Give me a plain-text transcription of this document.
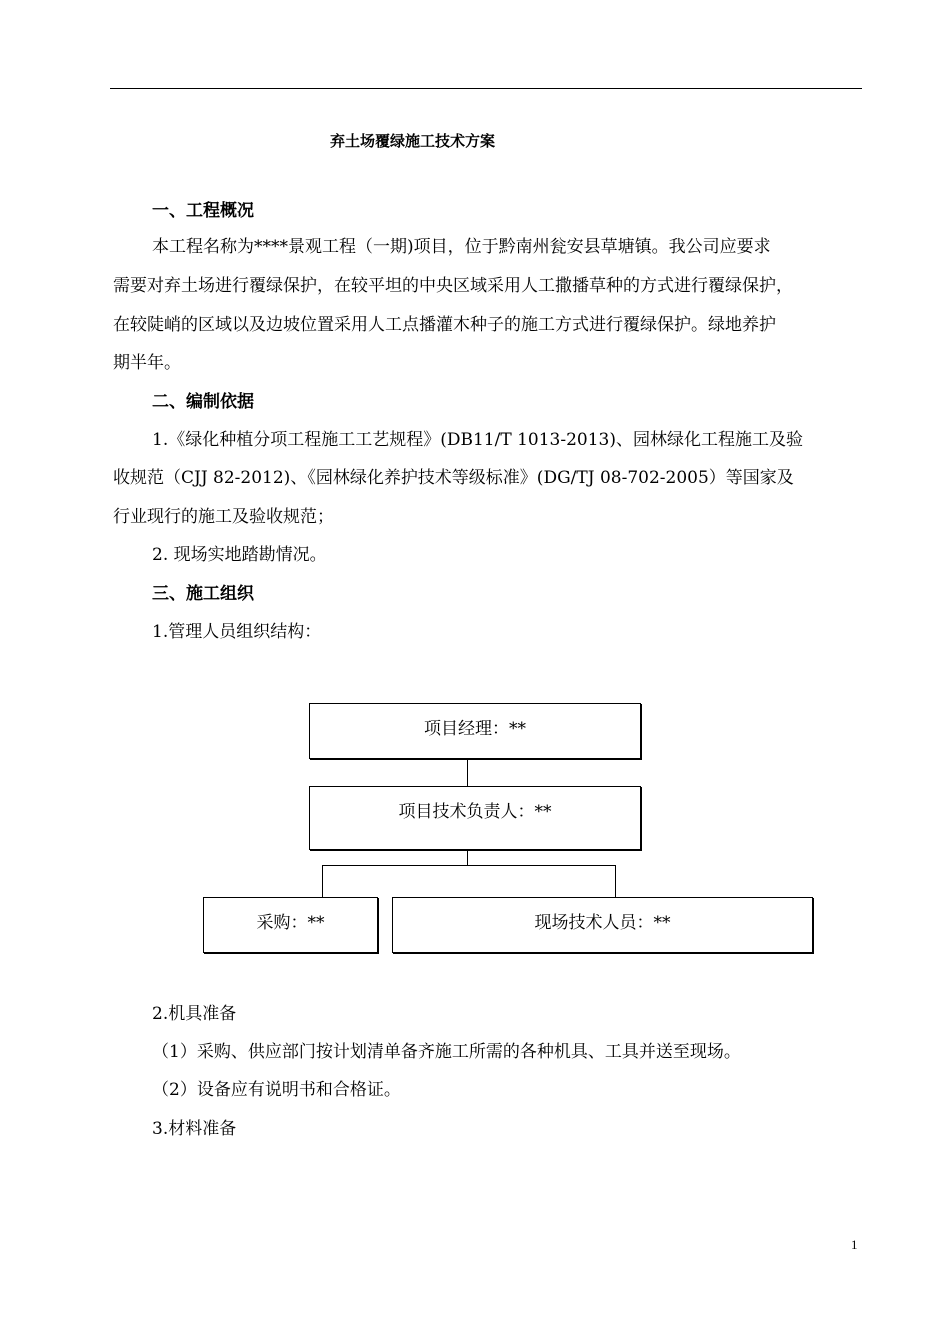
弃土场覆绿施工技术方案
一、工程概况
本工程名称为****景观工程（一期)项目，位于黔南州瓮安县草塘镇。我公司应要求
需要对弃土场进行覆绿保护，在较平坦的中央区域采用人工撒播草种的方式进行覆绿保护，
在较陡峭的区域以及边坡位置采用人工点播灌木种子的施工方式进行覆绿保护。绿地养护
期半年。
二、编制依据
1.《绿化种植分项工程施工工艺规程》(DB11/T 1013-2013)、园林绿化工程施工及验
收规范（CJJ 82-2012)、《园林绿化养护技术等级标准》(DG/TJ 08-702-2005）等国家及
行业现行的施工及验收规范；
2. 现场实地踏勘情况。
三、施工组织
1.管理人员组织结构：
项目经理：**
项目技术负责人：**
采购：**	现场技术人员：**
2.机具准备
（1）采购、供应部门按计划清单备齐施工所需的各种机具、工具并送至现场。
（2）设备应有说明书和合格证。
3.材料准备
1
